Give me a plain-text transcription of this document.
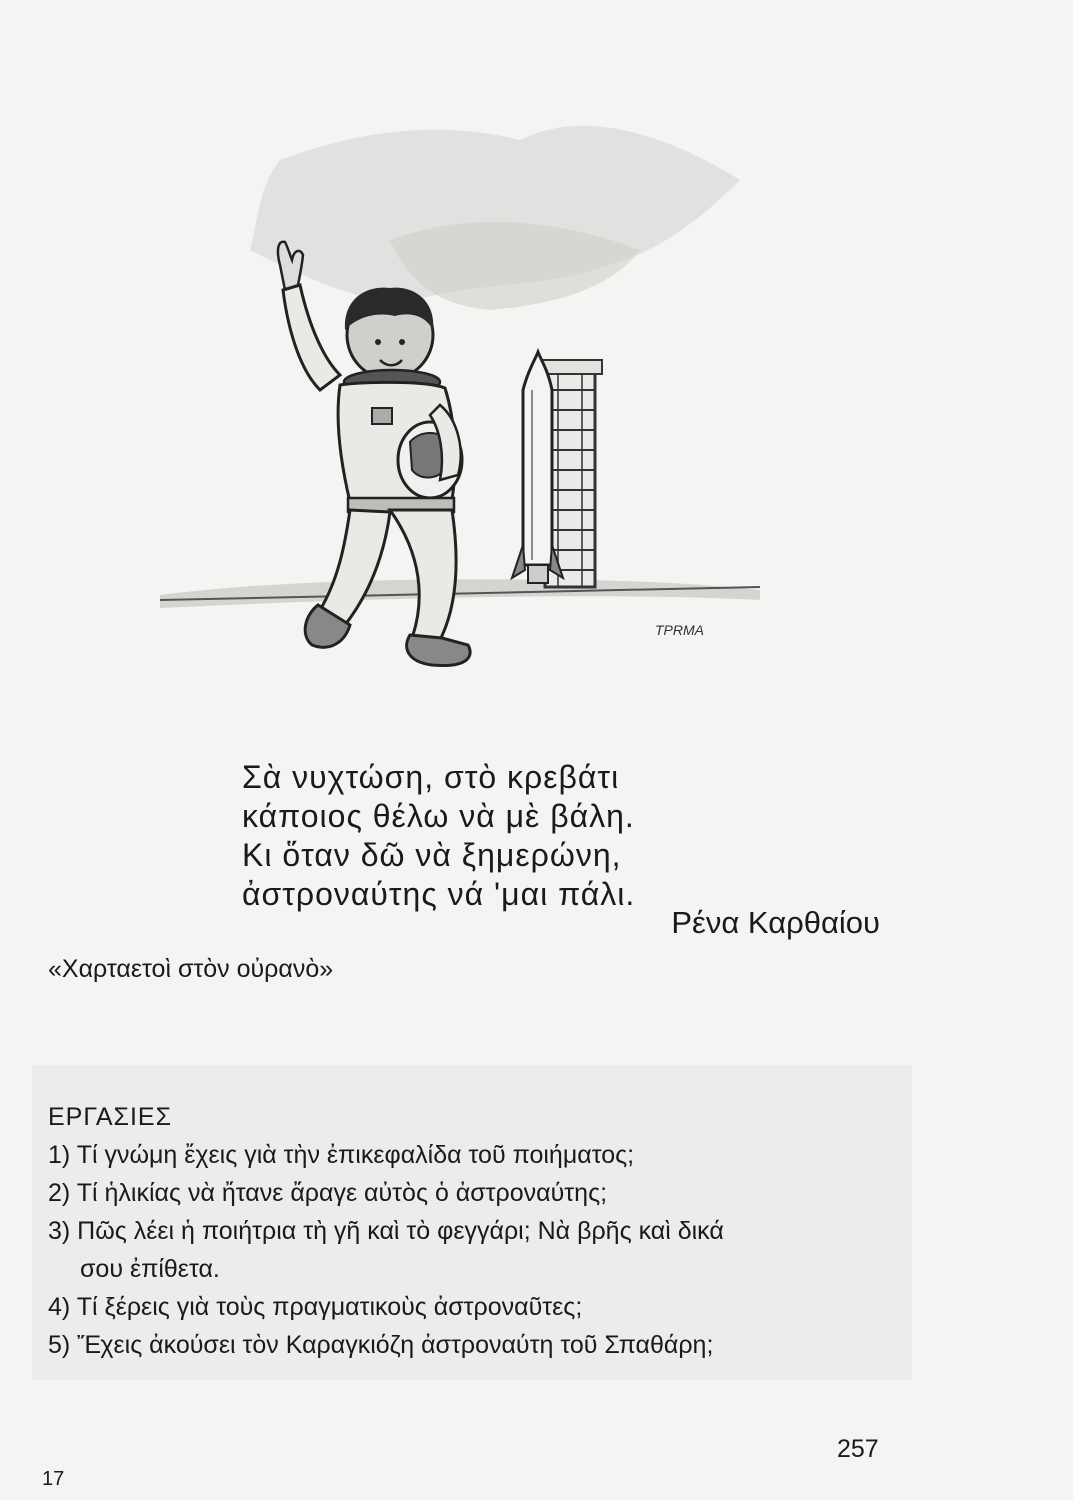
TPRMA
Σὰ νυχτώση, στὸ κρεβάτι
κάποιος θέλω νὰ μὲ βάλη.
Κι ὅταν δῶ νὰ ξημερώνη,
ἀστροναύτης νά 'μαι πάλι.
Ρένα Καρθαίου
«Χαρταετοὶ στὸν οὐρανὸ»
ΕΡΓΑΣΙΕΣ
1) Τί γνώμη ἔχεις γιὰ τὴν ἐπικεφαλίδα τοῦ ποιήματος;
2) Τί ἡλικίας νὰ ἤτανε ἄραγε αὐτὸς ὁ ἀστροναύτης;
3) Πῶς λέει ἡ ποιήτρια τὴ γῆ καὶ τὸ φεγγάρι; Νὰ βρῆς καὶ δικά
σου ἐπίθετα.
4) Τί ξέρεις γιὰ τοὺς πραγματικοὺς ἀστροναῦτες;
5) Ἔχεις ἀκούσει τὸν Καραγκιόζη ἀστροναύτη τοῦ Σπαθάρη;
257
17
